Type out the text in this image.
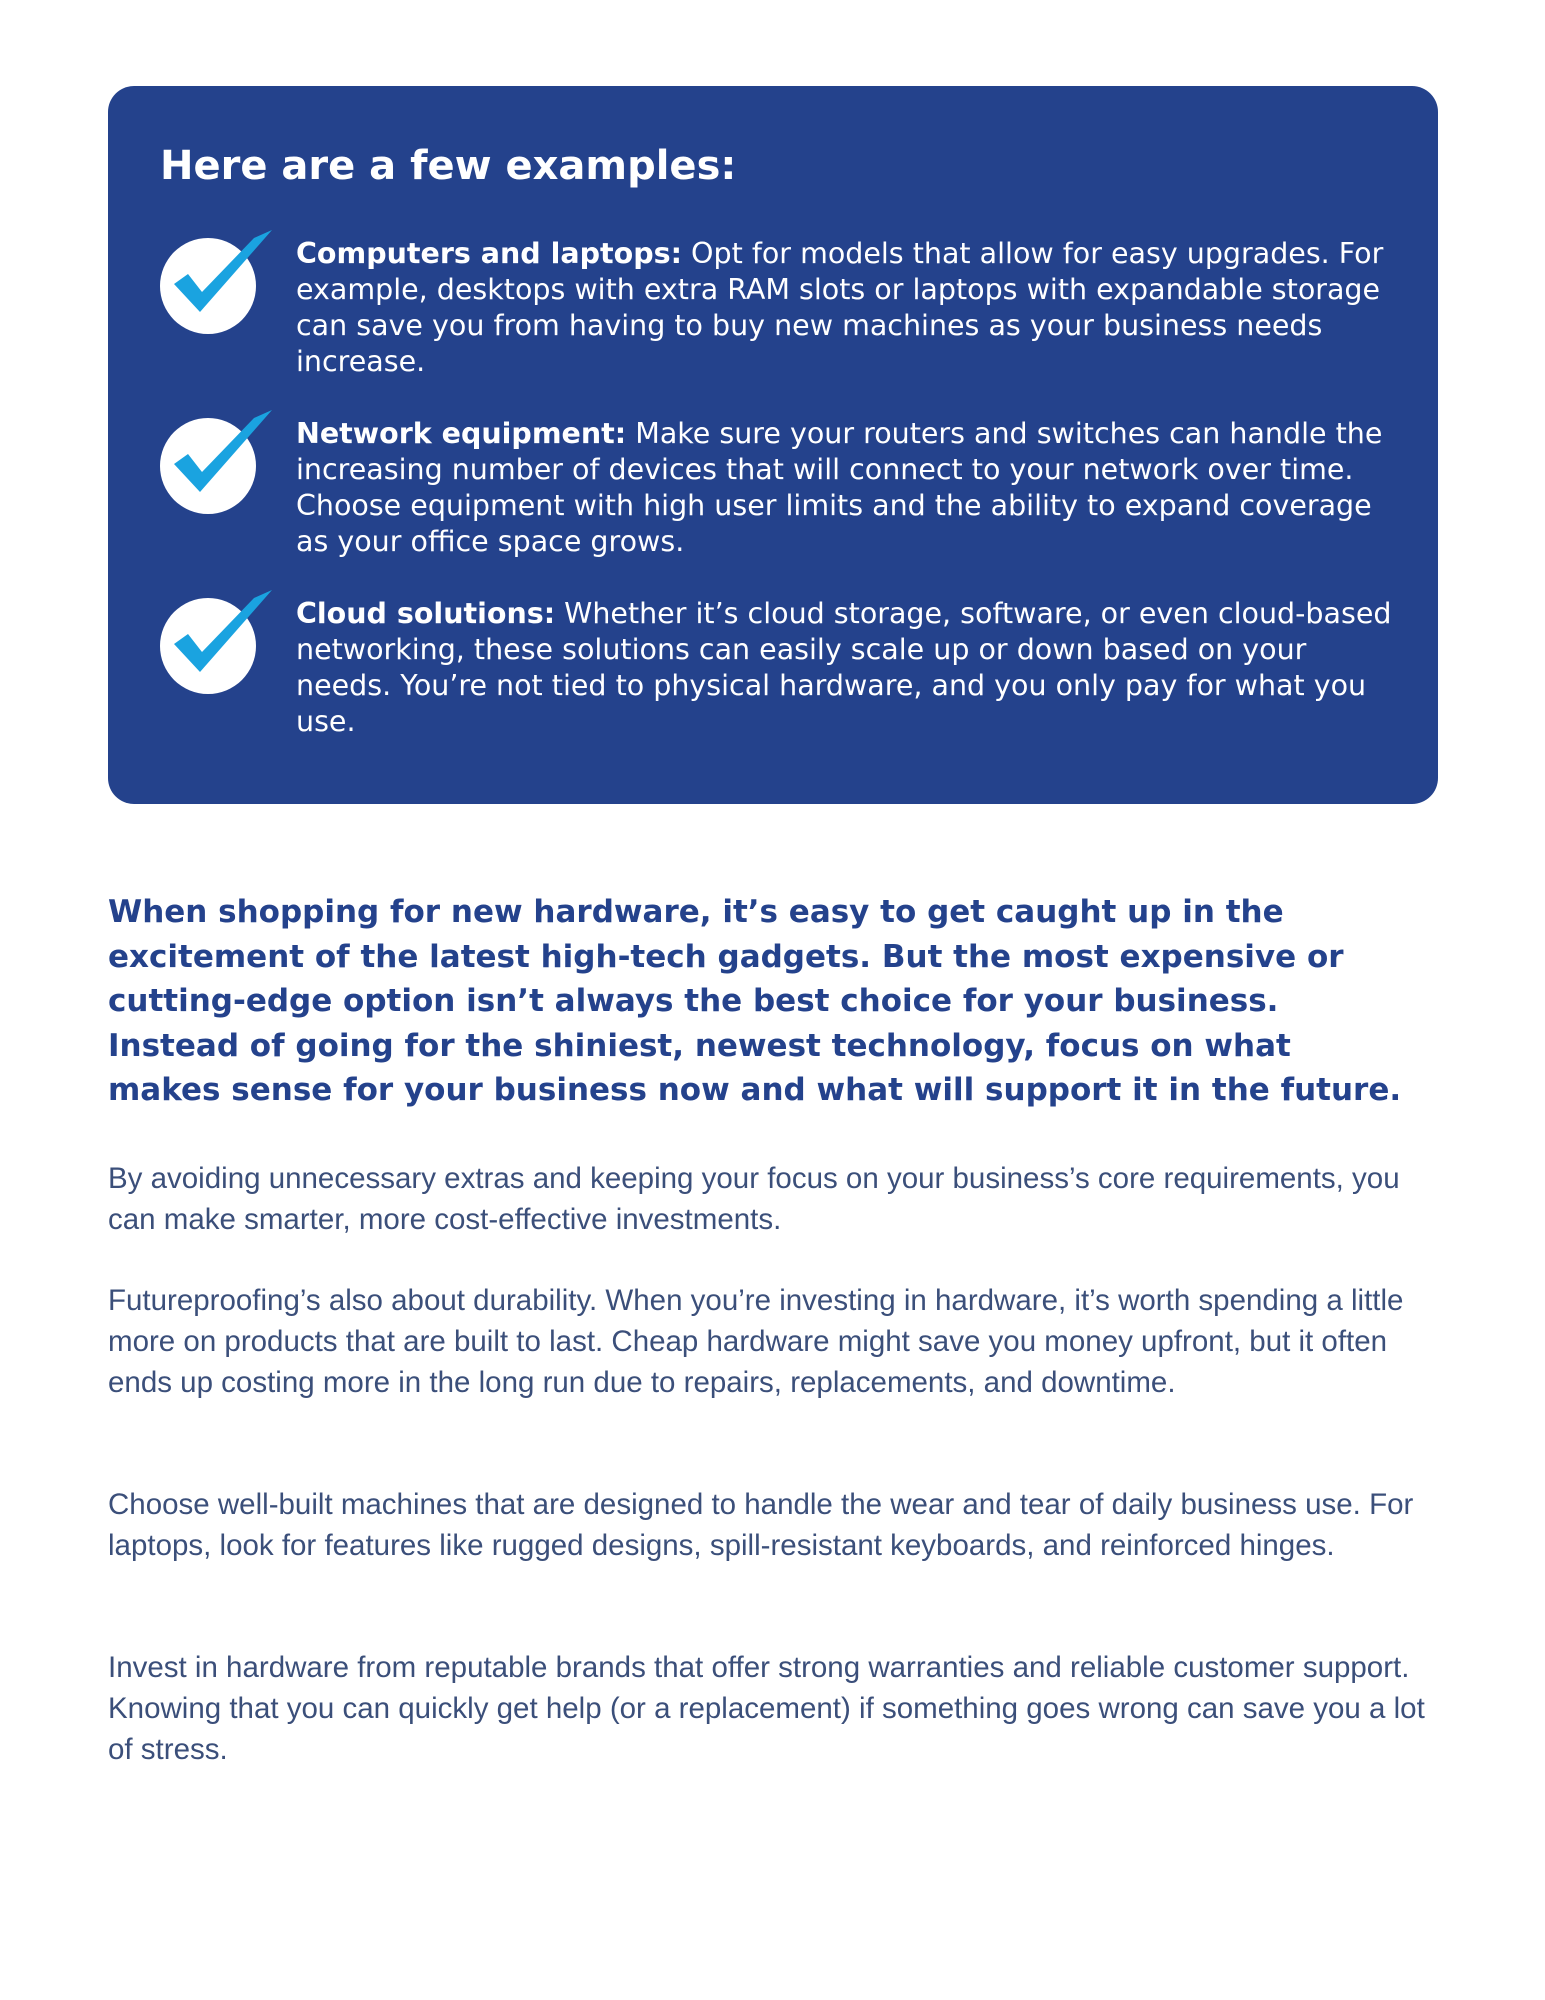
Here are a few examples:
Computers and laptops: Opt for models that allow for easy upgrades. For example, desktops with extra RAM slots or laptops with expandable storage can save you from having to buy new machines as your business needs increase.
Network equipment: Make sure your routers and switches can handle the increasing number of devices that will connect to your network over time. Choose equipment with high user limits and the ability to expand coverage as your office space grows.
Cloud solutions: Whether it’s cloud storage, software, or even cloud-based networking, these solutions can easily scale up or down based on your needs. You’re not tied to physical hardware, and you only pay for what you use.

When shopping for new hardware, it’s easy to get caught up in the excitement of the latest high-tech gadgets. But the most expensive or cutting-edge option isn’t always the best choice for your business. Instead of going for the shiniest, newest technology, focus on what makes sense for your business now and what will support it in the future.

By avoiding unnecessary extras and keeping your focus on your business’s core requirements, you can make smarter, more cost-effective investments.

Futureproofing’s also about durability. When you’re investing in hardware, it’s worth spending a little more on products that are built to last. Cheap hardware might save you money upfront, but it often ends up costing more in the long run due to repairs, replacements, and downtime.

Choose well-built machines that are designed to handle the wear and tear of daily business use. For laptops, look for features like rugged designs, spill-resistant keyboards, and reinforced hinges.

Invest in hardware from reputable brands that offer strong warranties and reliable customer support. Knowing that you can quickly get help (or a replacement) if something goes wrong can save you a lot of stress.
